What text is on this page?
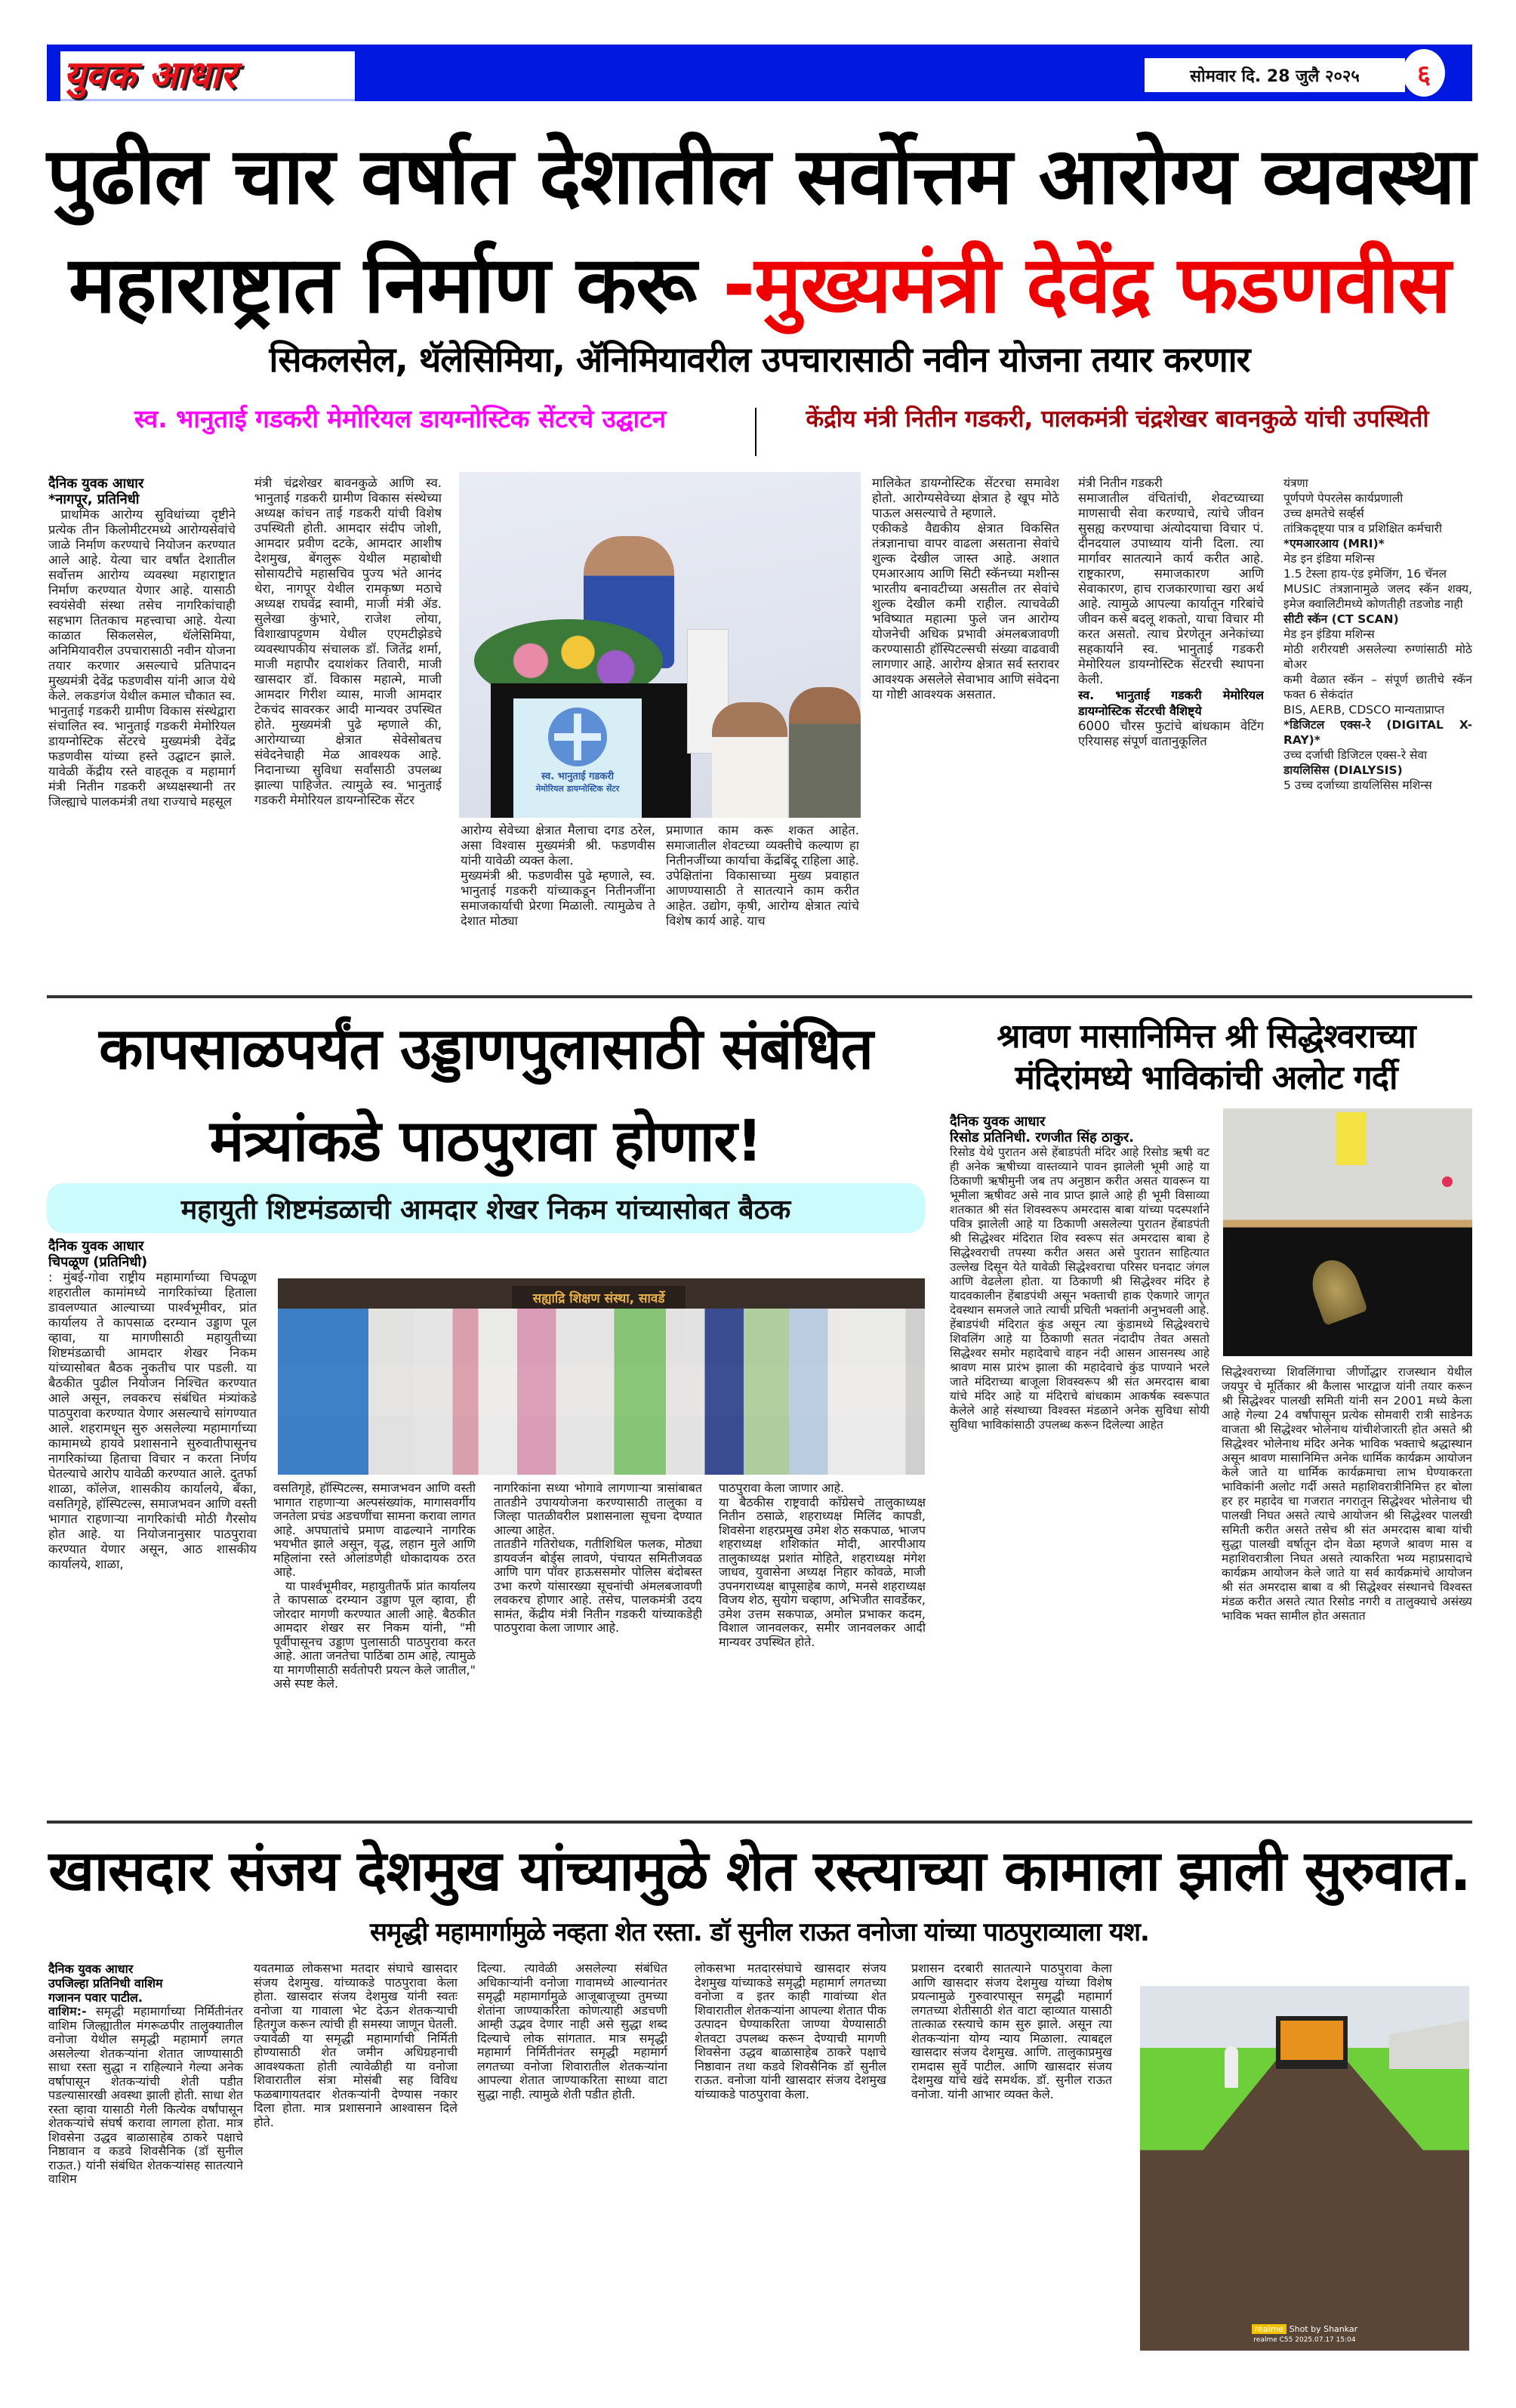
युवक आधार	सोमवार दि. 28 जुलै २०२५ ६
पुढील चार वर्षात देशातील सर्वोत्तम आरोग्य व्यवस्था
महाराष्ट्रात निर्माण करू -मुख्यमंत्री देवेंद्र फडणवीस
सिकलसेल, थॅलेसिमिया, ॲनिमियावरील उपचारासाठी नवीन योजना तयार करणार
स्व. भानुताई गडकरी मेमोरियल डायग्नोस्टिक सेंटरचे उद्घाटन	केंद्रीय मंत्री नितीन गडकरी, पालकमंत्री चंद्रशेखर बावनकुळे यांची उपस्थिती

दैनिक युवक आधार

*नागपूर, प्रतिनिधी

प्राथमिक आरोग्य सुविधांच्या दृष्टीने प्रत्येक तीन किलोमीटरमध्ये आरोग्यसेवांचे जाळे निर्माण करण्याचे नियोजन करण्यात आले आहे. येत्या चार वर्षांत देशातील सर्वोत्तम आरोग्य व्यवस्था महाराष्ट्रात निर्माण करण्यात येणार आहे. यासाठी स्वयंसेवी संस्था तसेच नागरिकांचाही सहभाग तितकाच महत्त्वाचा आहे. येत्या काळात सिकलसेल, थॅलेसिमिया, अनिमियावरील उपचारासाठी नवीन योजना तयार करणार असल्याचे प्रतिपादन मुख्यमंत्री देवेंद्र फडणवीस यांनी आज येथे केले. लकडगंज येथील कमाल चौकात स्व. भानुताई गडकरी ग्रामीण विकास संस्थेद्वारा संचालित स्व. भानुताई गडकरी मेमोरियल डायग्नोस्टिक सेंटरचे मुख्यमंत्री देवेंद्र फडणवीस यांच्या हस्ते उद्घाटन झाले. यावेळी केंद्रीय रस्ते वाहतूक व महामार्ग मंत्री नितीन गडकरी अध्यक्षस्थानी तर जिल्ह्याचे पालकमंत्री तथा राज्याचे महसूल

मंत्री चंद्रशेखर बावनकुळे आणि स्व. भानुताई गडकरी ग्रामीण विकास संस्थेच्या अध्यक्ष कांचन ताई गडकरी यांची विशेष उपस्थिती होती. आमदार संदीप जोशी, आमदार प्रवीण दटके, आमदार आशीष देशमुख, बेंगलुरू येथील महाबोधी सोसायटीचे महासचिव पुज्य भंते आनंद थेरा, नागपूर येथील रामकृष्ण मठाचे अध्यक्ष राघवेंद्र स्वामी, माजी मंत्री ॲड. सुलेखा कुंभारे, राजेश लोया, विशाखापट्टणम येथील एएमटीझेडचे व्यवस्थापकीय संचालक डॉ. जितेंद्र शर्मा, माजी महापौर दयाशंकर तिवारी, माजी खासदार डॉ. विकास महात्मे, माजी आमदार गिरीश व्यास, माजी आमदार टेकचंद सावरकर आदी मान्यवर उपस्थित होते. मुख्यमंत्री पुढे म्हणाले की, आरोग्याच्या क्षेत्रात सेवेसोबतच संवेदनेचाही मेळ आवश्यक आहे. निदानाच्या सुविधा सर्वांसाठी उपलब्ध झाल्या पाहिजेत. त्यामुळे स्व. भानुताई गडकरी मेमोरियल डायग्नोस्टिक सेंटर

स्व. भानुताई गडकरी
मेमोरियल डायग्नोस्टिक सेंटर

आरोग्य सेवेच्या क्षेत्रात मैलाचा दगड ठरेल, असा विश्वास मुख्यमंत्री श्री. फडणवीस यांनी यावेळी व्यक्त केला.

मुख्यमंत्री श्री. फडणवीस पुढे म्हणाले, स्व. भानुताई गडकरी यांच्याकडून नितीनजींना समाजकार्याची प्रेरणा मिळाली. त्यामुळेच ते देशात मोठ्या

प्रमाणात काम करू शकत आहेत. समाजातील शेवटच्या व्यक्तीचे कल्याण हा नितीनजींच्या कार्याचा केंद्रबिंदू राहिला आहे. उपेक्षितांना विकासाच्या मुख्य प्रवाहात आणण्यासाठी ते सातत्याने काम करीत आहेत. उद्योग, कृषी, आरोग्य क्षेत्रात त्यांचे विशेष कार्य आहे. याच

मालिकेत डायग्नोस्टिक सेंटरचा समावेश होतो. आरोग्यसेवेच्या क्षेत्रात हे खूप मोठे पाऊल असल्याचे ते म्हणाले.

एकीकडे वैद्यकीय क्षेत्रात विकसित तंत्रज्ञानाचा वापर वाढला असताना सेवांचे शुल्क देखील जास्त आहे. अशात एमआरआय आणि सिटी स्कॅनच्या मशीन्स भारतीय बनावटीच्या असतील तर सेवांचे शुल्क देखील कमी राहील. त्याचवेळी भविष्यात महात्मा फुले जन आरोग्य योजनेची अधिक प्रभावी अंमलबजावणी करण्यासाठी हॉस्पिटल्सची संख्या वाढवावी लागणार आहे. आरोग्य क्षेत्रात सर्व स्तरावर आवश्यक असलेले सेवाभाव आणि संवेदना या गोष्टी आवश्यक असतात.

मंत्री नितीन गडकरी

समाजातील वंचितांची, शेवटच्याच्या माणसाची सेवा करण्याचे, त्यांचे जीवन सुसह्य करण्याचा अंत्योदयाचा विचार पं. दीनदयाल उपाध्याय यांनी दिला. त्या मार्गावर सातत्याने कार्य करीत आहे. राष्ट्रकारण, समाजकारण आणि सेवाकारण, हाच राजकारणाचा खरा अर्थ आहे. त्यामुळे आपल्या कार्यातून गरिबांचे जीवन कसे बदलू शकतो, याचा विचार मी करत असतो. त्याच प्रेरणेतून अनेकांच्या सहकार्याने स्व. भानुताई गडकरी मेमोरियल डायग्नोस्टिक सेंटरची स्थापना केली.

स्व. भानुताई गडकरी मेमोरियल डायग्नोस्टिक सेंटरची वैशिष्ट्ये

6000 चौरस फुटांचे बांधकाम वेटिंग एरियासह संपूर्ण वातानुकूलित

यंत्रणा

पूर्णपणे पेपरलेस कार्यप्रणाली

उच्च क्षमतेचे सर्व्हर्स

तांत्रिकदृष्ट्या पात्र व प्रशिक्षित कर्मचारी

*एमआरआय (MRI)*

मेड इन इंडिया मशिन्स

1.5 टेस्ला हाय-एंड इमेजिंग, 16 चॅनल

MUSIC तंत्रज्ञानामुळे जलद स्कॅन शक्य, इमेज क्वालिटीमध्ये कोणतीही तडजोड नाही

सीटी स्कॅन (CT SCAN)

मेड इन इंडिया मशिन्स

मोठी शरीरयष्टी असलेल्या रुग्णांसाठी मोठे बोअर

कमी वेळात स्कॅन – संपूर्ण छातीचे स्कॅन फक्त 6 सेकंदांत

BIS, AERB, CDSCO मान्यताप्राप्त

*डिजिटल एक्स-रे (DIGITAL X-RAY)*

उच्च दर्जाची डिजिटल एक्स-रे सेवा

डायलिसिस (DIALYSIS)

5 उच्च दर्जाच्या डायलिसिस मशिन्स

कापसाळपर्यंत उड्डाणपुलासाठी संबंधित
मंत्र्यांकडे पाठपुरावा होणार!
महायुती शिष्टमंडळाची आमदार शेखर निकम यांच्यासोबत बैठक

दैनिक युवक आधार

चिपळूण (प्रतिनिधी)

: मुंबई-गोवा राष्ट्रीय महामार्गाच्या चिपळूण शहरातील कामांमध्ये नागरिकांच्या हिताला डावलण्यात आल्याच्या पार्श्वभूमीवर, प्रांत कार्यालय ते कापसाळ दरम्यान उड्डाण पूल व्हावा, या मागणीसाठी महायुतीच्या शिष्टमंडळाची आमदार शेखर निकम यांच्यासोबत बैठक नुकतीच पार पडली. या बैठकीत पुढील नियोजन निश्चित करण्यात आले असून, लवकरच संबंधित मंत्र्यांकडे पाठपुरावा करण्यात येणार असल्याचे सांगण्यात आले. शहरामधून सुरु असलेल्या महामार्गाच्या कामामध्ये हायवे प्रशासनाने सुरुवातीपासूनच नागरिकांच्या हिताचा विचार न करता निर्णय घेतल्याचे आरोप यावेळी करण्यात आले. दुतर्फा शाळा, कॉलेज, शासकीय कार्यालये, बँका, वसतिगृहे, हॉस्पिटल्स, समाजभवन आणि वस्ती भागात राहणाऱ्या नागरिकांची मोठी गैरसोय होत आहे. या नियोजनानुसार पाठपुरावा करण्यात येणार असून, आठ शासकीय कार्यालये, शाळा,

सह्याद्रि शिक्षण संस्था, सावर्डे

वसतिगृहे, हॉस्पिटल्स, समाजभवन आणि वस्ती भागात राहणाऱ्या अल्पसंख्यांक, मागासवर्गीय जनतेला प्रचंड अडचणींचा सामना करावा लागत आहे. अपघातांचे प्रमाण वाढल्याने नागरिक भयभीत झाले असून, वृद्ध, लहान मुले आणि महिलांना रस्ते ओलांडणेही धोकादायक ठरत आहे.

या पार्श्वभूमीवर, महायुतीतर्फे प्रांत कार्यालय ते कापसाळ दरम्यान उड्डाण पूल व्हावा, ही जोरदार मागणी करण्यात आली आहे. बैठकीत आमदार शेखर सर निकम यांनी, "मी पूर्वीपासूनच उड्डाण पुलासाठी पाठपुरावा करत आहे. आता जनतेचा पाठिंबा ठाम आहे, त्यामुळे या मागणीसाठी सर्वतोपरी प्रयत्न केले जातील," असे स्पष्ट केले.

नागरिकांना सध्या भोगावे लागणाऱ्या त्रासांबाबत तातडीने उपाययोजना करण्यासाठी तालुका व जिल्हा पातळीवरील प्रशासनाला सूचना देण्यात आल्या आहेत.

तातडीने गतिरोधक, गतीशिथिल फलक, मोठ्या डायवर्जन बोर्ड्स लावणे, पंचायत समितीजवळ आणि पाग पॉवर हाऊससमोर पोलिस बंदोबस्त उभा करणे यांसारख्या सूचनांची अंमलबजावणी लवकरच होणार आहे. तसेच, पालकमंत्री उदय सामंत, केंद्रीय मंत्री नितीन गडकरी यांच्याकडेही पाठपुरावा केला जाणार आहे.

पाठपुरावा केला जाणार आहे.

या बैठकीस राष्ट्रवादी कॉंग्रेसचे तालुकाध्यक्ष नितीन ठसाळे, शहराध्यक्ष मिलिंद कापडी, शिवसेना शहरप्रमुख उमेश शेठ सकपाळ, भाजप शहराध्यक्ष शशिकांत मोदी, आरपीआय तालुकाध्यक्ष प्रशांत मोहिते, शहराध्यक्ष मंगेश जाधव, युवासेना अध्यक्ष निहार कोवळे, माजी उपनगराध्यक्ष बापूसाहेब काणे, मनसे शहराध्यक्ष विजय शेठ, सुयोग चव्हाण, अभिजीत सावर्डेकर, उमेश उत्तम सकपाळ, अमोल प्रभाकर कदम, विशाल जानवलकर, समीर जानवलकर आदी मान्यवर उपस्थित होते.

श्रावण मासानिमित्त श्री सिद्धेश्वराच्या
मंदिरांमध्ये भाविकांची अलोट गर्दी

दैनिक युवक आधार

रिसोड प्रतिनिधी. रणजीत सिंह ठाकुर.

रिसोड येथे पुरातन असे हेंबाडपंती मंदिर आहे रिसोड ऋषी वट ही अनेक ऋषीच्या वास्तव्याने पावन झालेली भूमी आहे या ठिकाणी ऋषीमुनी जब तप अनुष्ठान करीत असत यावरून या भूमीला ऋषीवट असे नाव प्राप्त झाले आहे ही भूमी विसाव्या शतकात श्री संत शिवस्वरूप अमरदास बाबा यांच्या पदस्पर्शाने पवित्र झालेली आहे या ठिकाणी असलेल्या पुरातन हेंबाडपंती श्री सिद्धेश्वर मंदिरात शिव स्वरूप संत अमरदास बाबा हे सिद्धेश्वराची तपस्या करीत असत असे पुरातन साहित्यात उल्लेख दिसून येते यावेळी सिद्धेश्वराचा परिसर घनदाट जंगल आणि वेढलेला होता. या ठिकाणी श्री सिद्धेश्वर मंदिर हे यादवकालीन हेंबाडपंथी असून भक्ताची हाक ऐकणारे जागृत देवस्थान समजले जाते त्याची प्रचिती भक्तांनी अनुभवली आहे. हेंबाडपंथी मंदिरात कुंड असून त्या कुंडामध्ये सिद्धेश्वराचे शिवलिंग आहे या ठिकाणी सतत नंदादीप तेवत असतो सिद्धेश्वर समोर महादेवाचे वाहन नंदी आसन आसनस्थ आहे श्रावण मास प्रारंभ झाला की महादेवाचे कुंड पाण्याने भरले जाते मंदिराच्या बाजूला शिवस्वरूप श्री संत अमरदास बाबा यांचे मंदिर आहे या मंदिराचे बांधकाम आकर्षक स्वरूपात केलेले आहे संस्थाच्या विश्वस्त मंडळाने अनेक सुविधा सोयी सुविधा भाविकांसाठी उपलब्ध करून दिलेल्या आहेत

सिद्धेश्वराच्या शिवलिंगाचा जीर्णोद्धार राजस्थान येथील जयपुर चे मूर्तिकार श्री कैलास भारद्वाज यांनी तयार करून श्री सिद्धेश्वर पालखी समिती यांनी सन 2001 मध्ये केला आहे गेल्या 24 वर्षांपासून प्रत्येक सोमवारी रात्री साडेनऊ वाजता श्री सिद्धेश्वर भोलेनाथ यांचीशेजारती होत असते श्री सिद्धेश्वर भोलेनाथ मंदिर अनेक भाविक भक्ताचे श्रद्धास्थान असून श्रावण मासानिमित्त अनेक धार्मिक कार्यक्रम आयोजन केले जाते या धार्मिक कार्यक्रमाचा लाभ घेण्याकरता भाविकांनी अलोट गर्दी असते महाशिवरात्रीनिमित्त हर बोला हर हर महादेव चा गजरात नगरातून सिद्धेश्वर भोलेनाथ ची पालखी निघत असते त्याचे आयोजन श्री सिद्धेश्वर पालखी समिती करीत असते तसेच श्री संत अमरदास बाबा यांची सुद्धा पालखी वर्षातून दोन वेळा म्हणजे श्रावण मास व महाशिवरात्रीला निघत असते त्याकरिता भव्य महाप्रसादाचे कार्यक्रम आयोजन केले जाते या सर्व कार्यक्रमांचे आयोजन श्री संत अमरदास बाबा व श्री सिद्धेश्वर संस्थानचे विश्वस्त मंडळ करीत असते त्यात रिसोड नगरी व तालुक्याचे असंख्य भाविक भक्त सामील होत असतात

खासदार संजय देशमुख यांच्यामुळे शेत रस्त्याच्या कामाला झाली सुरुवात.
समृद्धी महामार्गामुळे नव्हता शेत रस्ता. डॉ सुनील राऊत वनोजा यांच्या पाठपुराव्याला यश.

दैनिक युवक आधार

उपजिल्हा प्रतिनिधी वाशिम

गजानन पवार पाटील.

वाशिम:- समृद्धी महामार्गाच्या निर्मितीनंतर वाशिम जिल्ह्यातील मंगरूळपीर तालुक्यातील वनोजा येथील समृद्धी महामार्ग लगत असलेल्या शेतकऱ्यांना शेतात जाण्यासाठी साधा रस्ता सुद्धा न राहिल्याने गेल्या अनेक वर्षापासून शेतकऱ्यांची शेती पडीत पडल्यासारखी अवस्था झाली होती. साधा शेत रस्ता व्हावा यासाठी गेली कित्येक वर्षांपासून शेतकऱ्यांचे संघर्ष करावा लागला होता. मात्र शिवसेना उद्धव बाळासाहेब ठाकरे पक्षाचे निष्ठावान व कडवे शिवसैनिक (डॉ सुनील राऊत.) यांनी संबंधित शेतकऱ्यांसह सातत्याने वाशिम

यवतमाळ लोकसभा मतदार संघाचे खासदार संजय देशमुख. यांच्याकडे पाठपुरावा केला होता. खासदार संजय देशमुख यांनी स्वतः वनोजा या गावाला भेट देऊन शेतकऱ्याची हितगुज करून त्यांची ही समस्या जाणून घेतली. ज्यावेळी या समृद्धी महामार्गाची निर्मिती होण्यासाठी शेत जमीन अधिग्रहनाची आवश्यकता होती त्यावेळीही या वनोजा शिवारातील संत्रा मोसंबी सह विविध फळबागायतदार शेतकऱ्यांनी देण्यास नकार दिला होता. मात्र प्रशासनाने आश्वासन दिले होते.

दिल्या. त्यावेळी असलेल्या संबंधित अधिकाऱ्यांनी वनोजा गावामध्ये आल्यानंतर समृद्धी महामार्गामुळे आजूबाजूच्या तुमच्या शेतांना जाण्याकरिता कोणत्याही अडचणी आम्ही उद्भव देणार नाही असे सुद्धा शब्द दिल्याचे लोक सांगतात. मात्र समृद्धी महामार्ग निर्मितीनंतर समृद्धी महामार्ग लगतच्या वनोजा शिवारातील शेतकऱ्यांना आपल्या शेतात जाण्याकरिता साध्या वाटा सुद्धा नाही. त्यामुळे शेती पडीत होती.

लोकसभा मतदारसंघाचे खासदार संजय देशमुख यांच्याकडे समृद्धी महामार्ग लगतच्या वनोजा व इतर काही गावांच्या शेत शिवारातील शेतकऱ्यांना आपल्या शेतात पीक उत्पादन घेण्याकरिता जाण्या येण्यासाठी शेतवटा उपलब्ध करून देण्याची मागणी शिवसेना उद्धव बाळासाहेब ठाकरे पक्षाचे निष्ठावान तथा कडवे शिवसैनिक डॉ सुनील राऊत. वनोजा यांनी खासदार संजय देशमुख यांच्याकडे पाठपुरावा केला.

प्रशासन दरबारी सातत्याने पाठपुरावा केला आणि खासदार संजय देशमुख यांच्या विशेष प्रयत्नामुळे गुरुवारपासून समृद्धी महामार्ग लगतच्या शेतीसाठी शेत वाटा व्हाव्यात यासाठी तात्काळ रस्त्याचे काम सुरु झाले. असून त्या शेतकऱ्यांना योग्य न्याय मिळाला. त्याबद्दल खासदार संजय देशमुख. आणि. तालुकाप्रमुख रामदास सुर्वे पाटील. आणि खासदार संजय देशमुख यांचे खंदे समर्थक. डॉ. सुनील राऊत वनोजा. यांनी आभार व्यक्त केले.

realme Shot by Shankar
realme C55 2025.07.17 15:04
